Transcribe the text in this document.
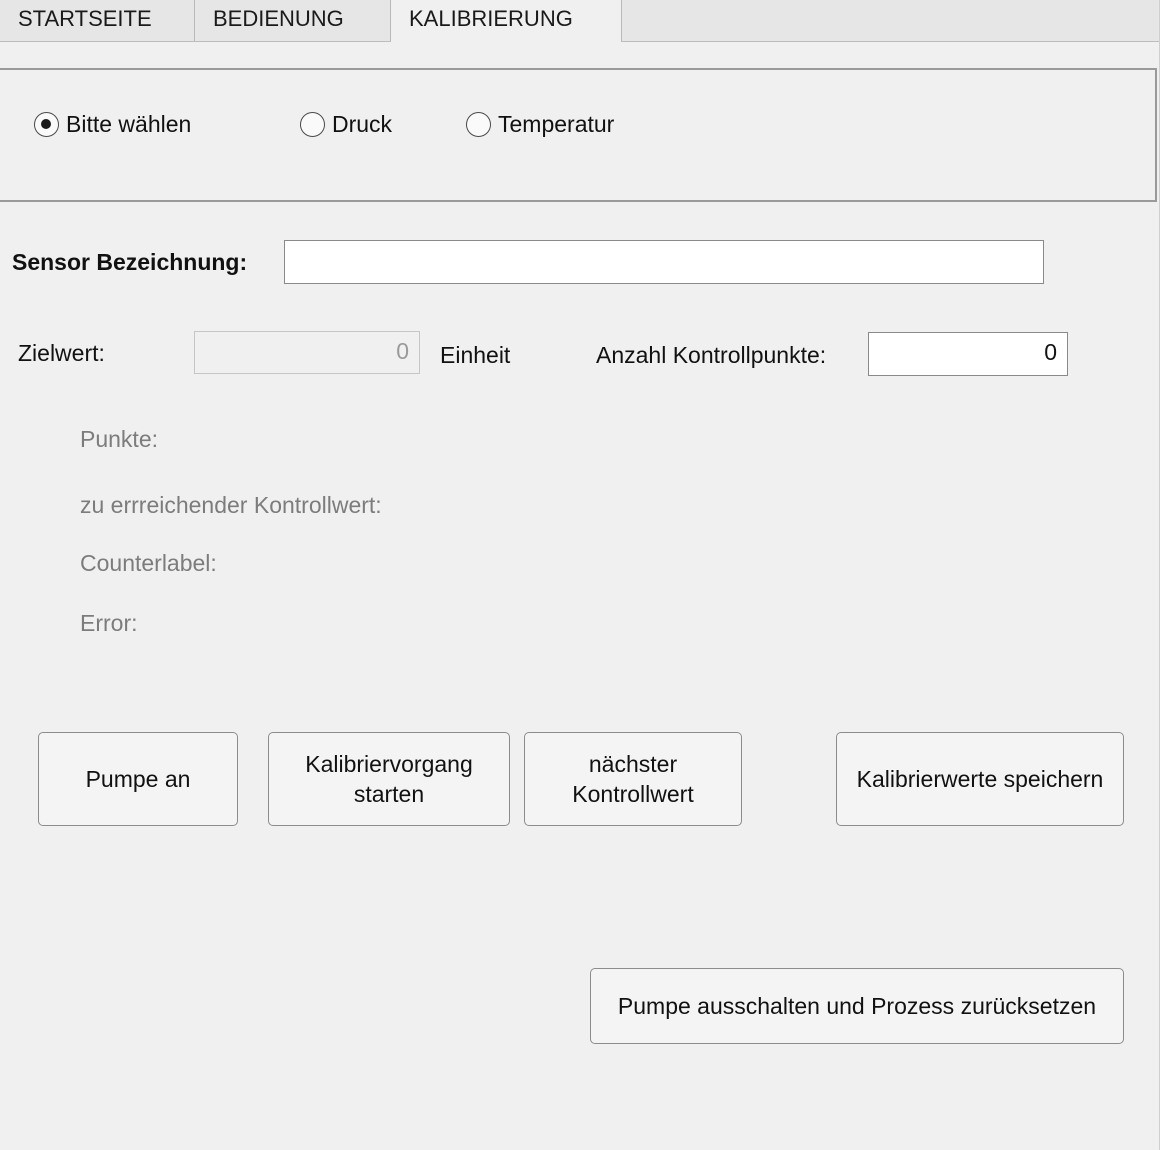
STARTSEITE	BEDIENUNG	KALIBRIERUNG
Bitte wählen	Druck	Temperatur
Sensor Bezeichnung:
Zielwert:	0	Einheit	Anzahl Kontrollpunkte:	0
Punkte:
zu errreichender Kontrollwert:
Counterlabel:
Error:
Pumpe an
Kalibriervorgang
starten
nächster
Kontrollwert
Kalibrierwerte speichern
Pumpe ausschalten und Prozess zurücksetzen
